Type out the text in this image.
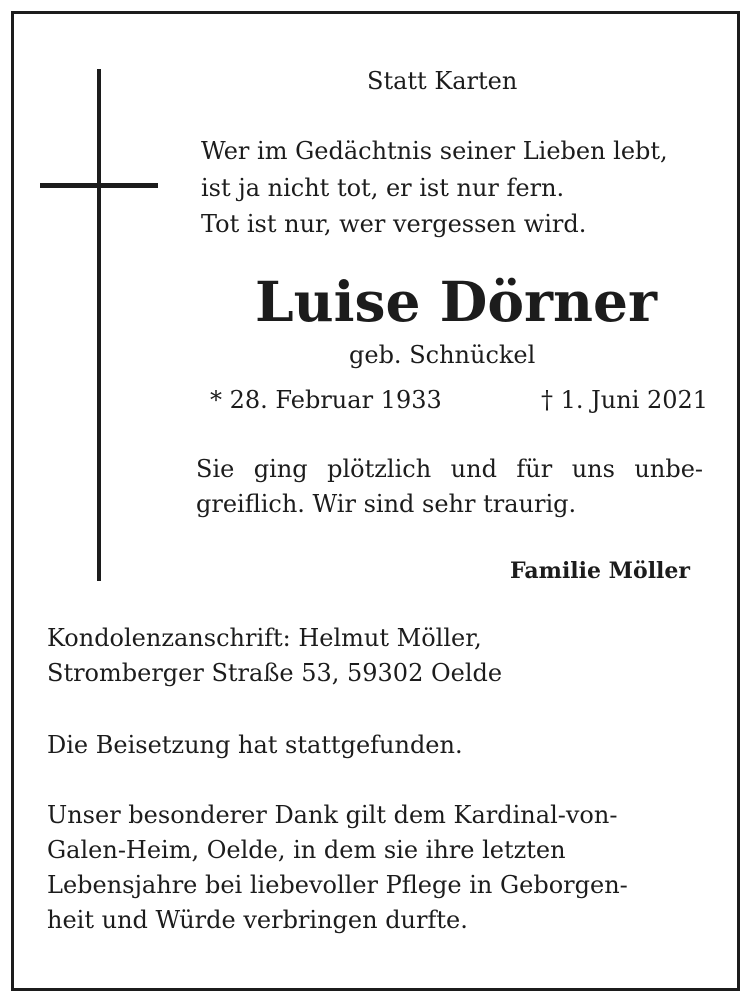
Statt Karten
Wer im Gedächtnis seiner Lieben lebt,
ist ja nicht tot, er ist nur fern.
Tot ist nur, wer vergessen wird.
Luise Dörner
geb. Schnückel
* 28. Februar 1933	† 1. Juni 2021
Sie ging plötzlich und für uns unbe-
greiflich. Wir sind sehr traurig.
Familie Möller
Kondolenzanschrift: Helmut Möller,
Stromberger Straße 53, 59302 Oelde
Die Beisetzung hat stattgefunden.
Unser besonderer Dank gilt dem Kardinal-von-
Galen-Heim, Oelde, in dem sie ihre letzten
Lebensjahre bei liebevoller Pflege in Geborgen-
heit und Würde verbringen durfte.
